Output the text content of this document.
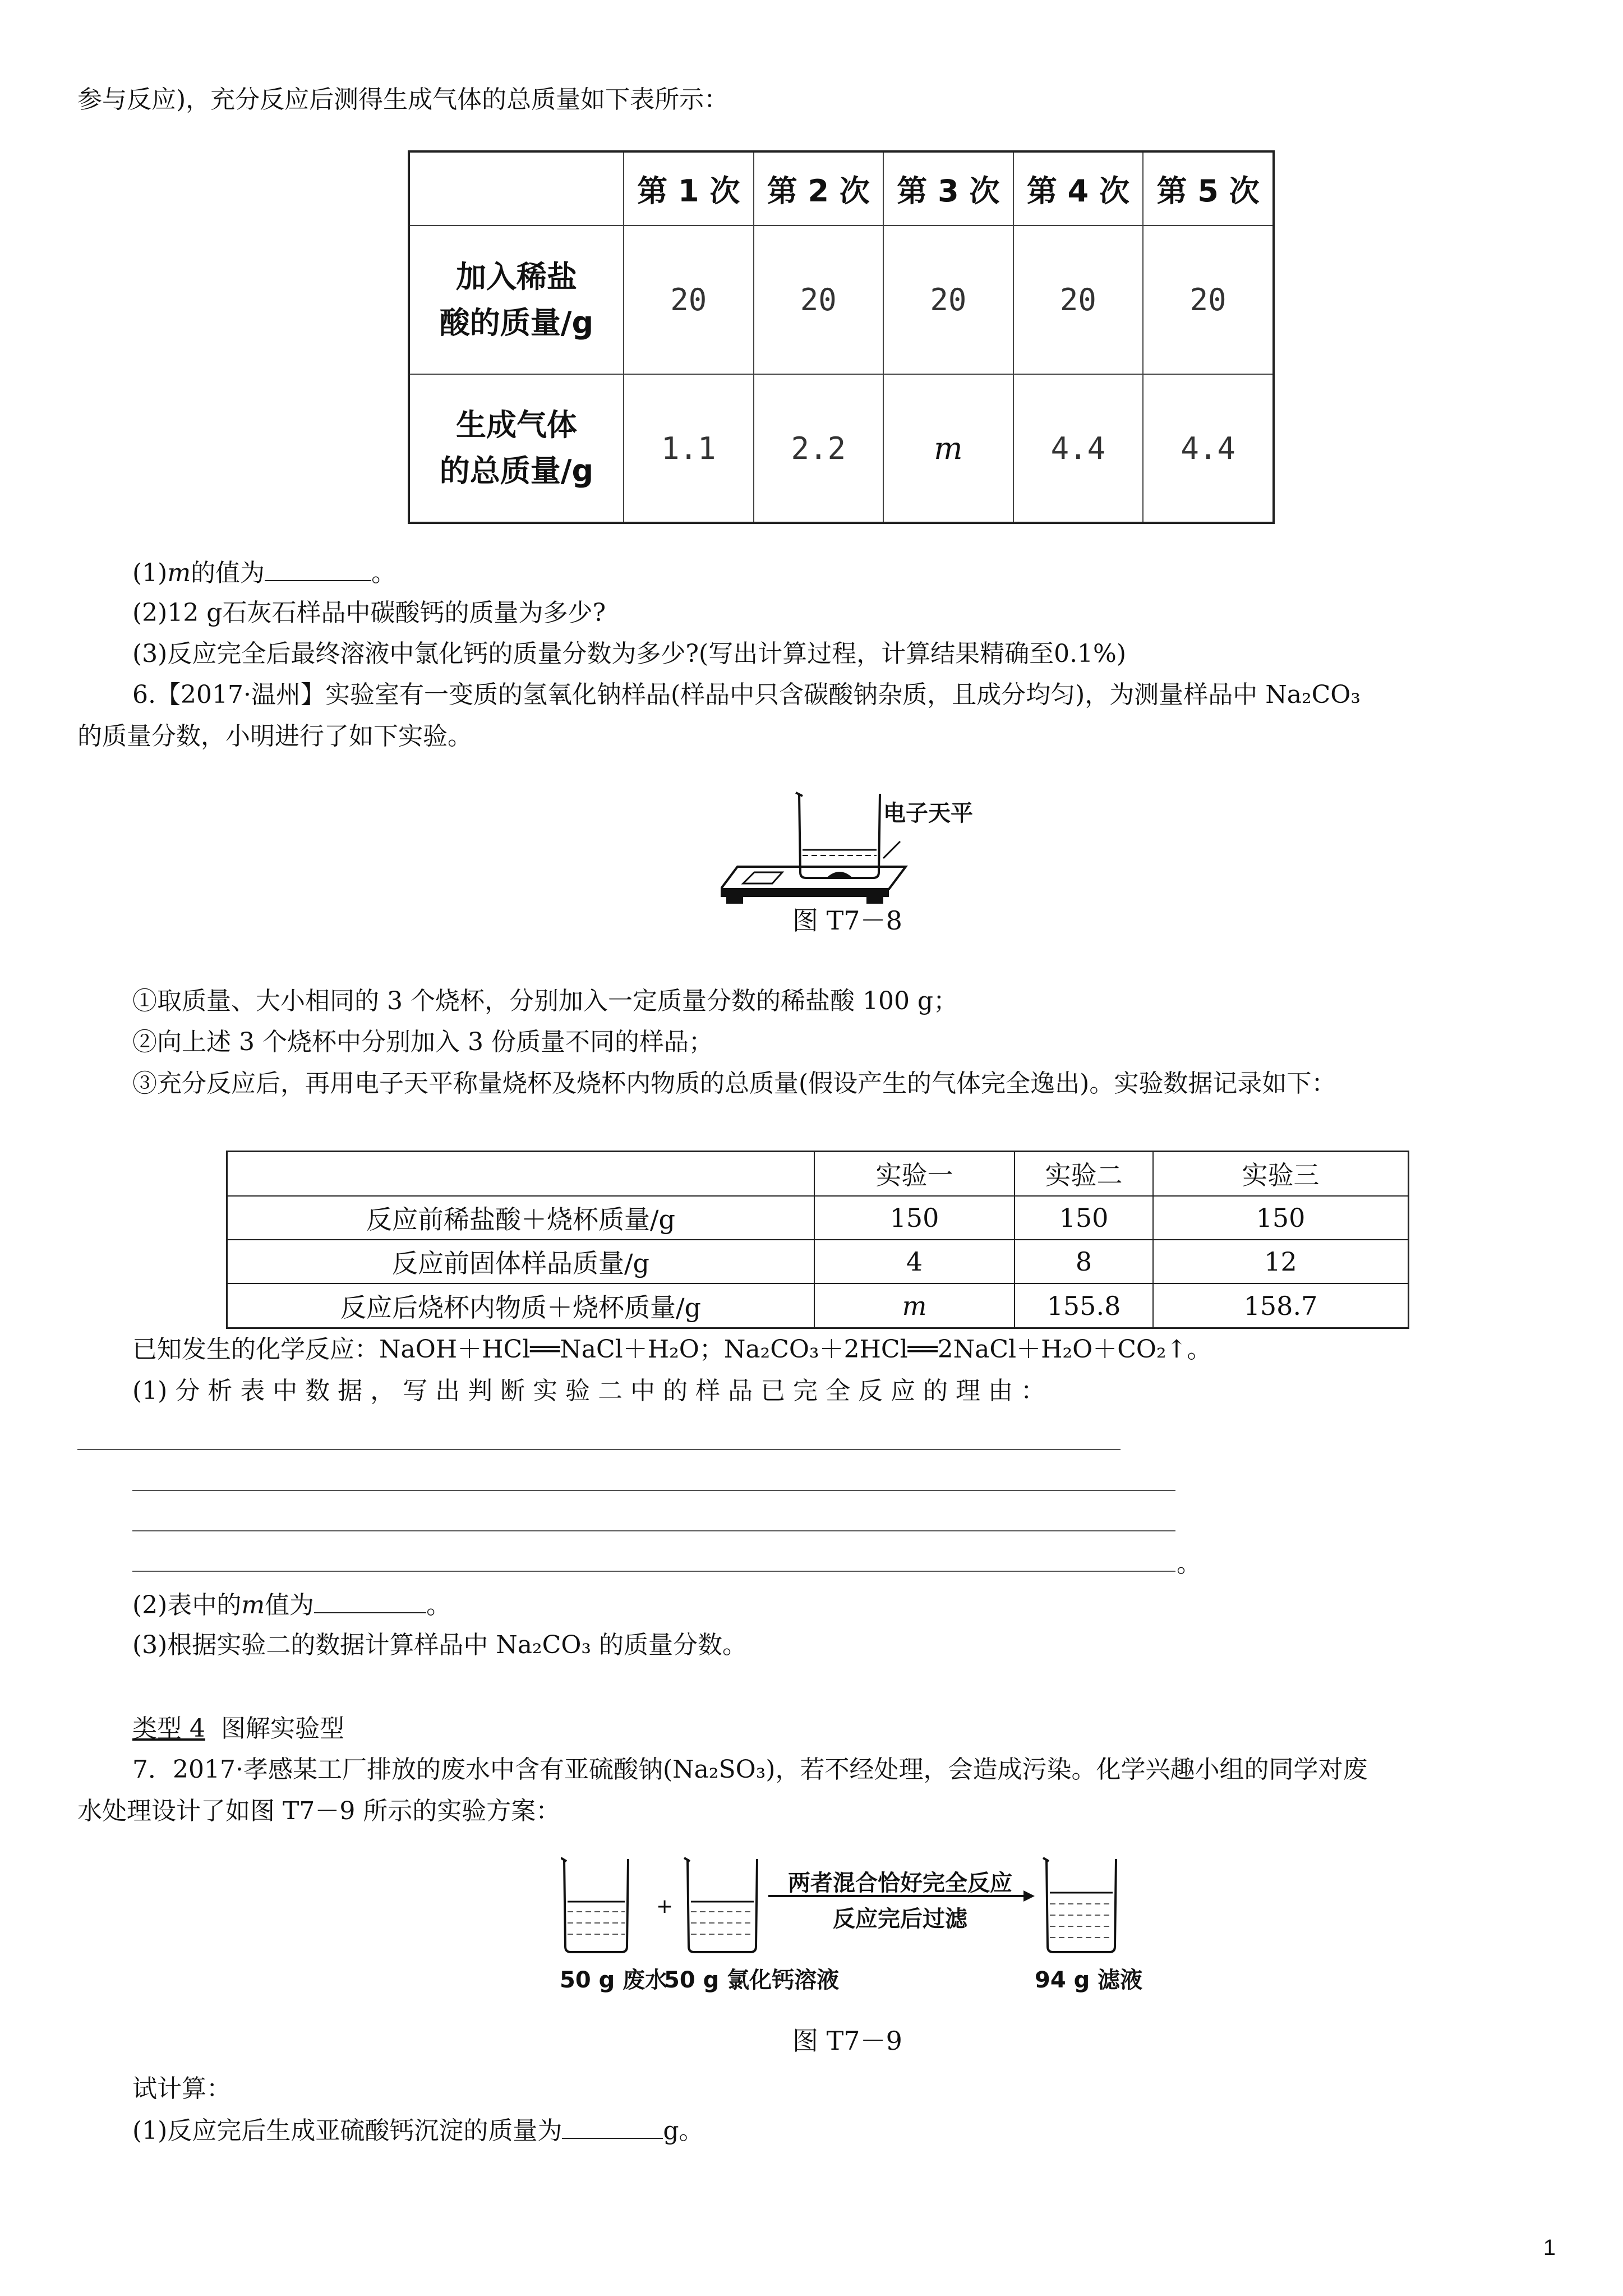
参与反应)，充分反应后测得生成气体的总质量如下表所示：
	第 1 次	第 2 次	第 3 次	第 4 次	第 5 次
加入稀盐
酸的质量/g	20	20	20	20	20
生成气体
的总质量/g	1.1	2.2	m	4.4	4.4
(1)m的值为	。
(2)12 g石灰石样品中碳酸钙的质量为多少?
(3)反应完全后最终溶液中氯化钙的质量分数为多少?(写出计算过程，计算结果精确至0.1%)
6.【2017·温州】实验室有一变质的氢氧化钠样品(样品中只含碳酸钠杂质，且成分均匀)，为测量样品中 Na₂CO₃
的质量分数，小明进行了如下实验。
电子天平
图 T7－8
①取质量、大小相同的 3 个烧杯，分别加入一定质量分数的稀盐酸 100 g；
②向上述 3 个烧杯中分别加入 3 份质量不同的样品；
③充分反应后，再用电子天平称量烧杯及烧杯内物质的总质量(假设产生的气体完全逸出)。实验数据记录如下：
	实验一	实验二	实验三
反应前稀盐酸＋烧杯质量/g	150	150	150
反应前固体样品质量/g	4	8	12
反应后烧杯内物质＋烧杯质量/g	m	155.8	158.7
已知发生的化学反应：NaOH＋HCl══NaCl＋H₂O；Na₂CO₃＋2HCl══2NaCl＋H₂O＋CO₂↑。
(1) 分 析 表 中 数 据 ， 写 出 判 断 实 验 二 中 的 样 品 已 完 全 反 应 的 理 由 ：
。
(2)表中的m值为	。
(3)根据实验二的数据计算样品中 Na₂CO₃ 的质量分数。
类型 4 图解实验型
7．2017·孝感某工厂排放的废水中含有亚硫酸钠(Na₂SO₃)，若不经处理，会造成污染。化学兴趣小组的同学对废
水处理设计了如图 T7－9 所示的实验方案：
+
两者混合恰好完全反应
反应完后过滤
50 g 废水
50 g 氯化钙溶液	94 g 滤液
图 T7－9
试计算：
(1)反应完后生成亚硫酸钙沉淀的质量为	g。
1
